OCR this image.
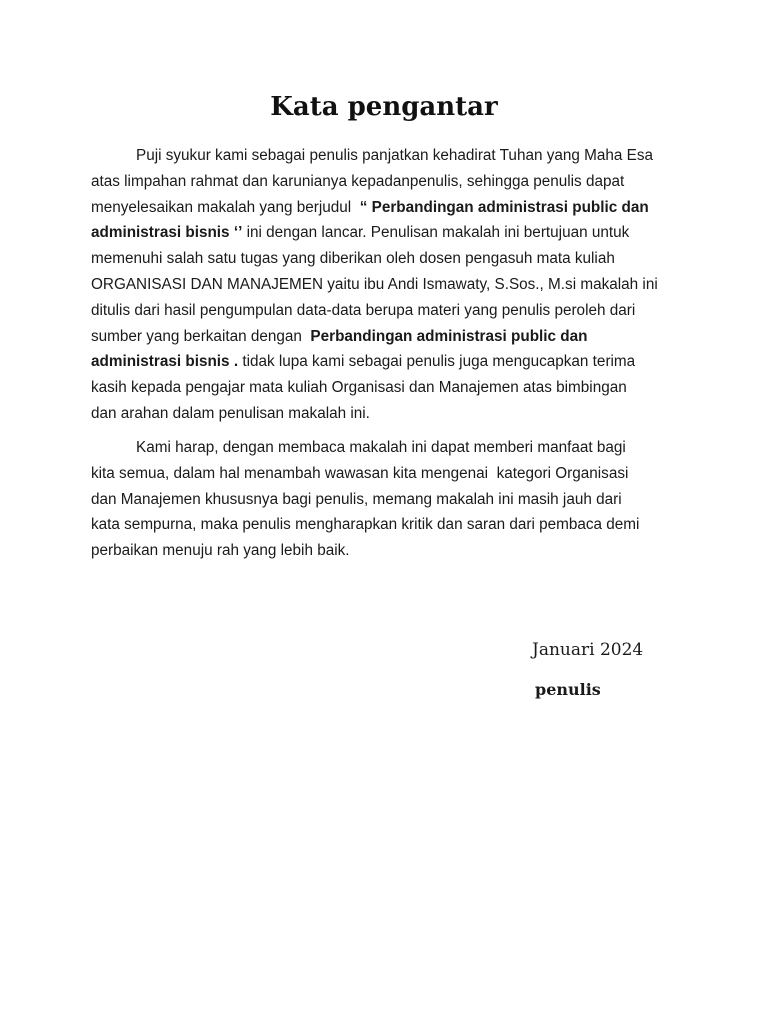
Kata pengantar
Puji syukur kami sebagai penulis panjatkan kehadirat Tuhan yang Maha Esa
atas limpahan rahmat dan karunianya kepadanpenulis, sehingga penulis dapat
menyelesaikan makalah yang berjudul  “ Perbandingan administrasi public dan
administrasi bisnis ‘’ ini dengan lancar. Penulisan makalah ini bertujuan untuk
memenuhi salah satu tugas yang diberikan oleh dosen pengasuh mata kuliah
ORGANISASI DAN MANAJEMEN yaitu ibu Andi Ismawaty, S.Sos., M.si makalah ini
ditulis dari hasil pengumpulan data-data berupa materi yang penulis peroleh dari
sumber yang berkaitan dengan  Perbandingan administrasi public dan
administrasi bisnis . tidak lupa kami sebagai penulis juga mengucapkan terima
kasih kepada pengajar mata kuliah Organisasi dan Manajemen atas bimbingan
dan arahan dalam penulisan makalah ini.
Kami harap, dengan membaca makalah ini dapat memberi manfaat bagi
kita semua, dalam hal menambah wawasan kita mengenai  kategori Organisasi
dan Manajemen khususnya bagi penulis, memang makalah ini masih jauh dari
kata sempurna, maka penulis mengharapkan kritik dan saran dari pembaca demi
perbaikan menuju rah yang lebih baik.
Januari 2024
penulis
